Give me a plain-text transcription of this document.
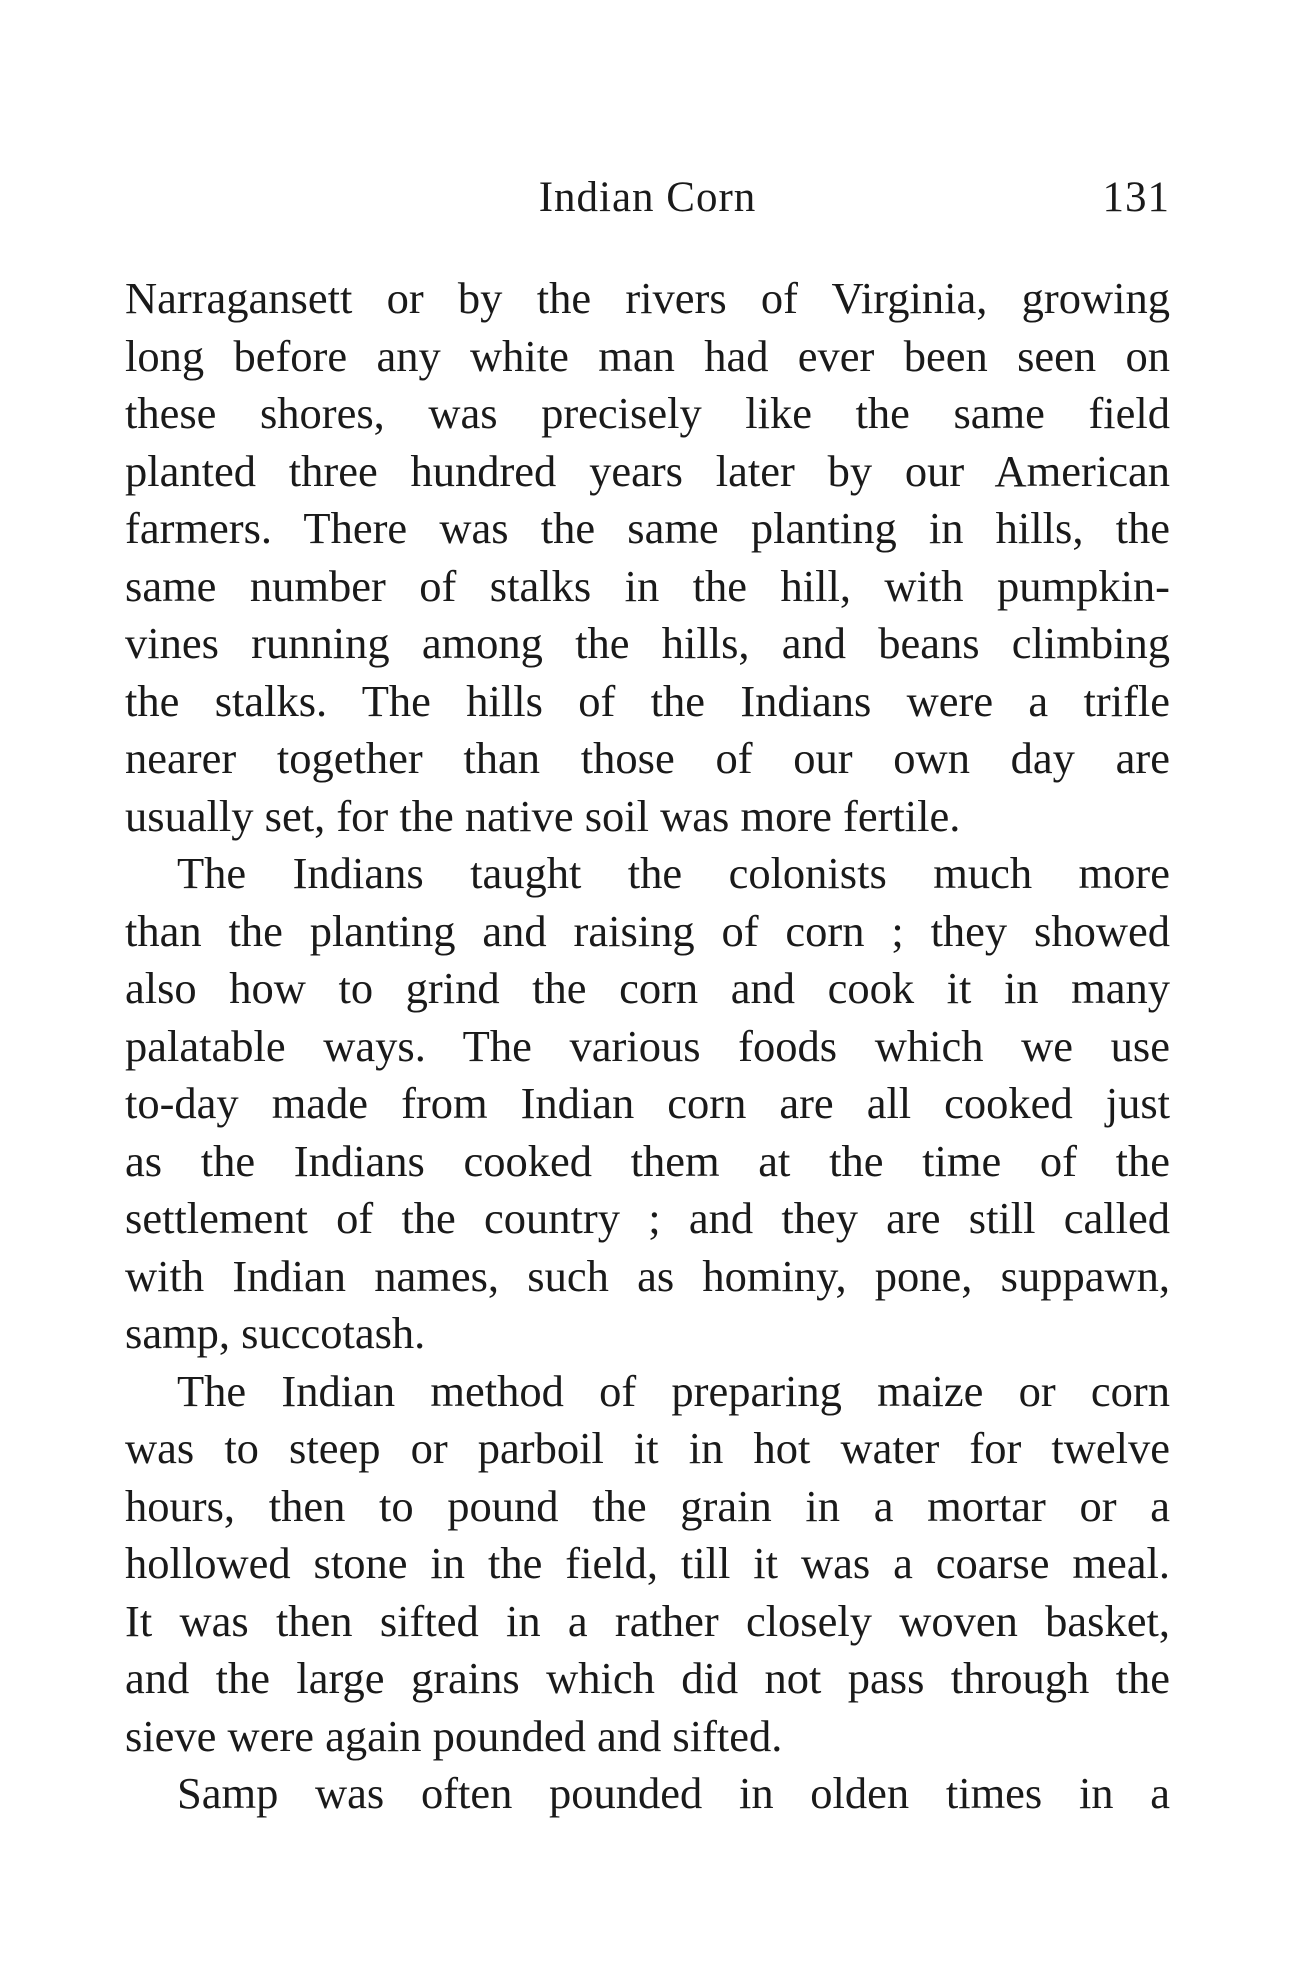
Indian Corn	131
Narragansett or by the rivers of Virginia, growing
long before any white man had ever been seen on
these shores, was precisely like the same field
planted three hundred years later by our American
farmers. There was the same planting in hills, the
same number of stalks in the hill, with pumpkin-
vines running among the hills, and beans climbing
the stalks. The hills of the Indians were a trifle
nearer together than those of our own day are
usually set, for the native soil was more fertile.
The Indians taught the colonists much more
than the planting and raising of corn ; they showed
also how to grind the corn and cook it in many
palatable ways. The various foods which we use
to-day made from Indian corn are all cooked just
as the Indians cooked them at the time of the
settlement of the country ; and they are still called
with Indian names, such as hominy, pone, suppawn,
samp, succotash.
The Indian method of preparing maize or corn
was to steep or parboil it in hot water for twelve
hours, then to pound the grain in a mortar or a
hollowed stone in the field, till it was a coarse meal.
It was then sifted in a rather closely woven basket,
and the large grains which did not pass through the
sieve were again pounded and sifted.
Samp was often pounded in olden times in a
